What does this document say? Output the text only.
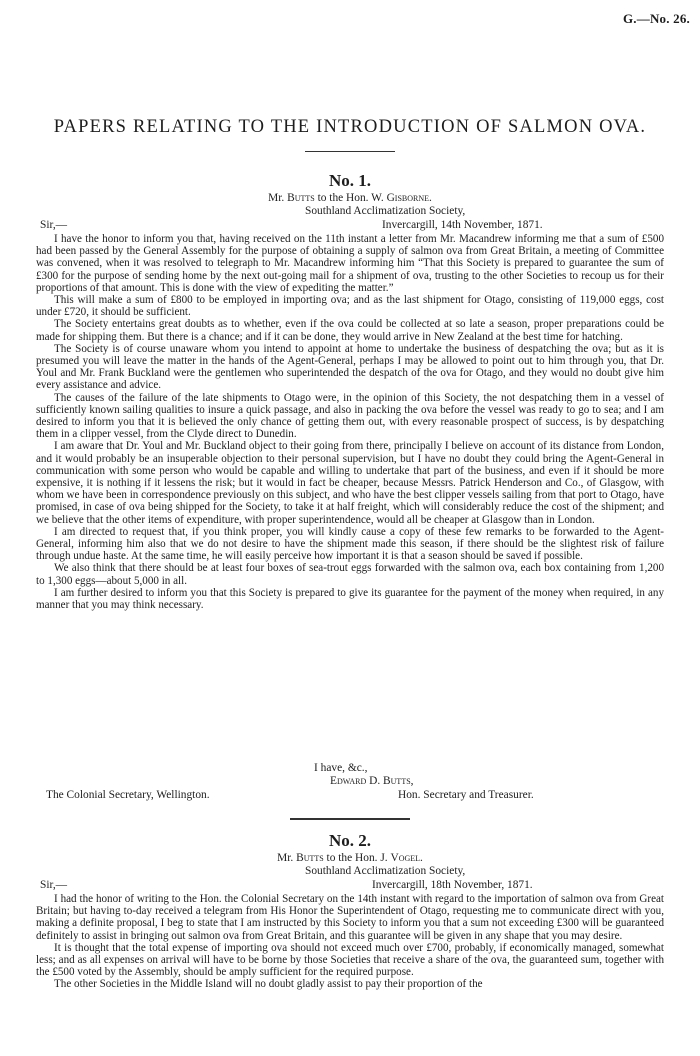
G.—No. 26.
PAPERS RELATING TO THE INTRODUCTION OF SALMON OVA.
No. 1.
Mr. Butts to the Hon. W. Gisborne.
Southland Acclimatization Society,
Sir,—	Invercargill, 14th November, 1871.

I have the honor to inform you that, having received on the 11th instant a letter from Mr. Macandrew informing me that a sum of £500 had been passed by the General Assembly for the purpose of obtaining a supply of salmon ova from Great Britain, a meeting of Committee was convened, when it was resolved to telegraph to Mr. Macandrew informing him “That this Society is prepared to guarantee the sum of £300 for the purpose of sending home by the next out-going mail for a shipment of ova, trusting to the other Societies to recoup us for their proportions of that amount. This is done with the view of expediting the matter.”

This will make a sum of £800 to be employed in importing ova; and as the last shipment for Otago, consisting of 119,000 eggs, cost under £720, it should be sufficient.

The Society entertains great doubts as to whether, even if the ova could be collected at so late a season, proper preparations could be made for shipping them. But there is a chance; and if it can be done, they would arrive in New Zealand at the best time for hatching.

The Society is of course unaware whom you intend to appoint at home to undertake the business of despatching the ova; but as it is presumed you will leave the matter in the hands of the Agent-General, perhaps I may be allowed to point out to him through you, that Dr. Youl and Mr. Frank Buckland were the gentlemen who superintended the despatch of the ova for Otago, and they would no doubt give him every assistance and advice.

The causes of the failure of the late shipments to Otago were, in the opinion of this Society, the not despatching them in a vessel of sufficiently known sailing qualities to insure a quick passage, and also in packing the ova before the vessel was ready to go to sea; and I am desired to inform you that it is believed the only chance of getting them out, with every reasonable prospect of success, is by despatching them in a clipper vessel, from the Clyde direct to Dunedin.

I am aware that Dr. Youl and Mr. Buckland object to their going from there, principally I believe on account of its distance from London, and it would probably be an insuperable objection to their personal supervision, but I have no doubt they could bring the Agent-General in communication with some person who would be capable and willing to undertake that part of the business, and even if it should be more expensive, it is nothing if it lessens the risk; but it would in fact be cheaper, because Messrs. Patrick Henderson and Co., of Glasgow, with whom we have been in correspondence previously on this subject, and who have the best clipper vessels sailing from that port to Otago, have promised, in case of ova being shipped for the Society, to take it at half freight, which will considerably reduce the cost of the shipment; and we believe that the other items of expenditure, with proper superintendence, would all be cheaper at Glasgow than in London.

I am directed to request that, if you think proper, you will kindly cause a copy of these few remarks to be forwarded to the Agent-General, informing him also that we do not desire to have the shipment made this season, if there should be the slightest risk of failure through undue haste. At the same time, he will easily perceive how important it is that a season should be saved if possible.

We also think that there should be at least four boxes of sea-trout eggs forwarded with the salmon ova, each box containing from 1,200 to 1,300 eggs—about 5,000 in all.

I am further desired to inform you that this Society is prepared to give its guarantee for the payment of the money when required, in any manner that you may think necessary.

I have, &c.,
Edward D. Butts,
The Colonial Secretary, Wellington.	Hon. Secretary and Treasurer.
No. 2.
Mr. Butts to the Hon. J. Vogel.
Southland Acclimatization Society,
Sir,—	Invercargill, 18th November, 1871.

I had the honor of writing to the Hon. the Colonial Secretary on the 14th instant with regard to the importation of salmon ova from Great Britain; but having to-day received a telegram from His Honor the Superintendent of Otago, requesting me to communicate direct with you, making a definite proposal, I beg to state that I am instructed by this Society to inform you that a sum not exceeding £300 will be guaranteed definitely to assist in bringing out salmon ova from Great Britain, and this guarantee will be given in any shape that you may desire.

It is thought that the total expense of importing ova should not exceed much over £700, probably, if economically managed, somewhat less; and as all expenses on arrival will have to be borne by those Societies that receive a share of the ova, the guaranteed sum, together with the £500 voted by the Assembly, should be amply sufficient for the required purpose.

The other Societies in the Middle Island will no doubt gladly assist to pay their proportion of the
